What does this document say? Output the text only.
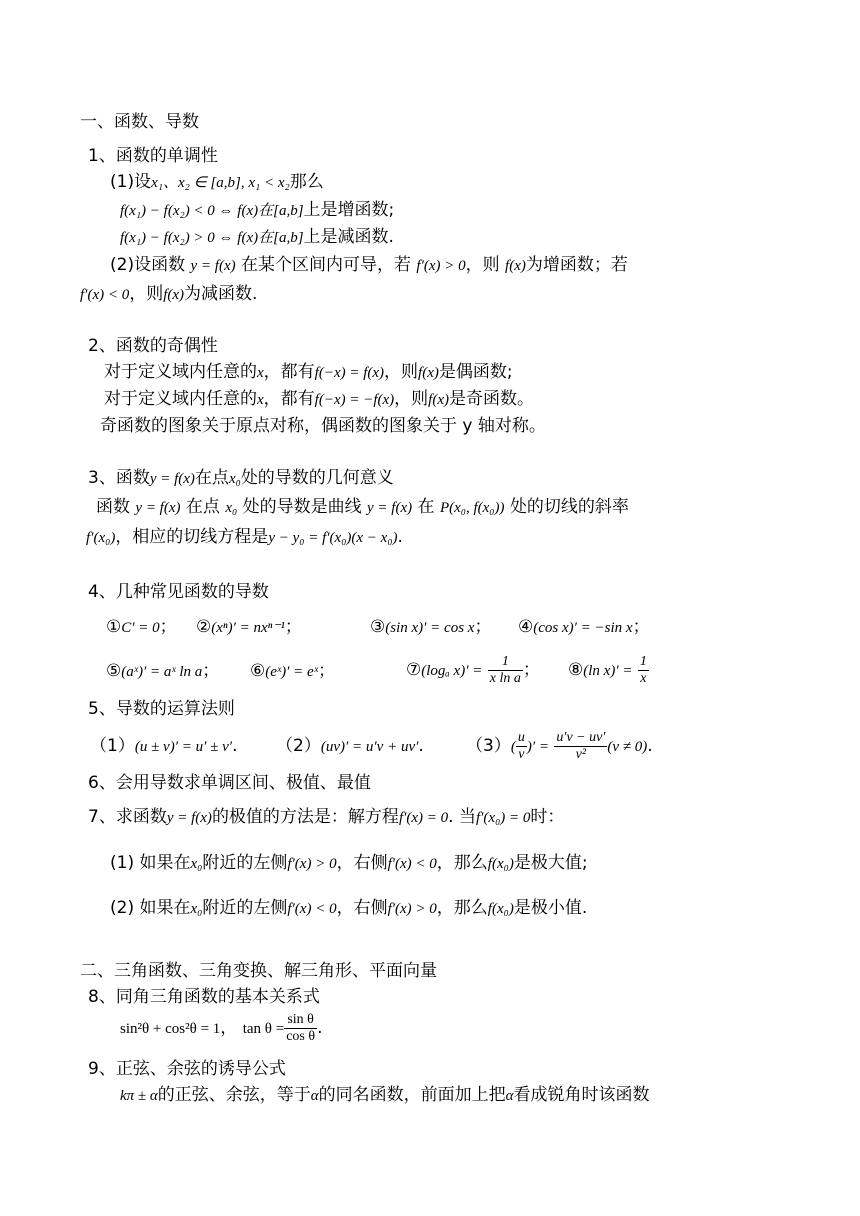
一、函数、导数
1、函数的单调性
(1)设x₁、x₂ ∈ [a,b], x₁ < x₂那么
f(x₁) − f(x₂) < 0 ⇔ f(x)在[a,b]上是增函数;
f(x₁) − f(x₂) > 0 ⇔ f(x)在[a,b]上是减函数.
(2)设函数 y = f(x) 在某个区间内可导，若 f′(x) > 0，则 f(x)为增函数；若
f′(x) < 0，则f(x)为减函数.
2、函数的奇偶性
对于定义域内任意的x，都有f(−x) = f(x)，则f(x)是偶函数;
对于定义域内任意的x，都有f(−x) = −f(x)，则f(x)是奇函数。
奇函数的图象关于原点对称，偶函数的图象关于 y 轴对称。
3、函数y = f(x)在点x₀处的导数的几何意义
函数 y = f(x) 在点 x₀ 处的导数是曲线 y = f(x) 在 P(x₀, f(x₀)) 处的切线的斜率
f′(x₀)，相应的切线方程是y − y₀ = f′(x₀)(x − x₀).
4、几种常见函数的导数
①C′ = 0； ②(xⁿ)′ = nxⁿ⁻¹；	③(sin x)′ = cos x； ④(cos x)′ = −sin x；
⑤(aˣ)′ = aˣ ln a； ⑥(eˣ)′ = eˣ；	⑦(logₐ $x)' = \frac{1}{\text{x ln a}}$ ； ⑧(ln $x)' = \frac{1}{x}$
5、导数的运算法则
（1）(u ± v)′ = u′ ± v′. （2）(uv)′ = u′v + uv′. $(3)( \frac{u}{v}$ )′ = $\frac{u'v - uv'}{\text{v²}} (v \ne 0)$.
6、会用导数求单调区间、极值、最值
7、求函数y = f(x)的极值的方法是：解方程f′(x) = 0. 当f′(x₀) = 0时：
(1) 如果在x₀附近的左侧f′(x) > 0，右侧f′(x) < 0，那么f(x₀)是极大值;
(2) 如果在x₀附近的左侧f′(x) < 0，右侧f′(x) > 0，那么f(x₀)是极小值.
二、三角函数、三角变换、解三角形、平面向量
8、同角三角函数的基本关系式
sin²θ + cos²θ = 1， $\tan \theta = \frac{\text{sin θ}}{\text{cos θ}}$ .
9、正弦、余弦的诱导公式
kπ ± α的正弦、余弦，等于α的同名函数，前面加上把α看成锐角时该函数
